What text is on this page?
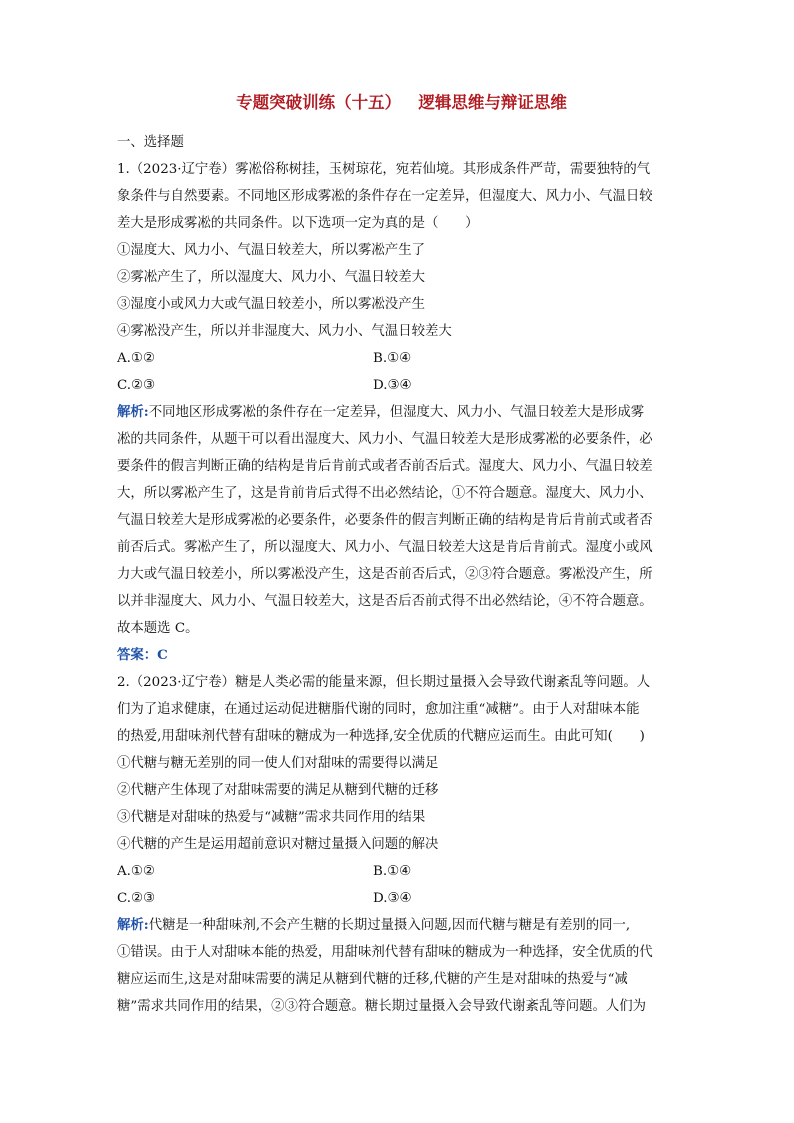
专题突破训练（十五）   逻辑思维与辩证思维
一、选择题
1.（2023·辽宁卷）雾凇俗称树挂，玉树琼花，宛若仙境。其形成条件严苛，需要独特的气
象条件与自然要素。不同地区形成雾凇的条件存在一定差异，但湿度大、风力小、气温日较
差大是形成雾凇的共同条件。以下选项一定为真的是（　　）
①湿度大、风力小、气温日较差大，所以雾凇产生了
②雾凇产生了，所以湿度大、风力小、气温日较差大
③湿度小或风力大或气温日较差小，所以雾凇没产生
④雾凇没产生，所以并非湿度大、风力小、气温日较差大
A.①②	B.①④
C.②③	D.③④
解析:不同地区形成雾凇的条件存在一定差异，但湿度大、风力小、气温日较差大是形成雾
凇的共同条件，从题干可以看出湿度大、风力小、气温日较差大是形成雾凇的必要条件，必
要条件的假言判断正确的结构是肯后肯前式或者否前否后式。湿度大、风力小、气温日较差
大，所以雾凇产生了，这是肯前肯后式得不出必然结论，①不符合题意。湿度大、风力小、
气温日较差大是形成雾凇的必要条件，必要条件的假言判断正确的结构是肯后肯前式或者否
前否后式。雾凇产生了，所以湿度大、风力小、气温日较差大这是肯后肯前式。湿度小或风
力大或气温日较差小，所以雾凇没产生，这是否前否后式，②③符合题意。雾凇没产生，所
以并非湿度大、风力小、气温日较差大，这是否后否前式得不出必然结论，④不符合题意。
故本题选 C。
答案：C
2.（2023·辽宁卷）糖是人类必需的能量来源，但长期过量摄入会导致代谢紊乱等问题。人
们为了追求健康，在通过运动促进糖脂代谢的同时，愈加注重“减糖”。由于人对甜味本能
的热爱,用甜味剂代替有甜味的糖成为一种选择,安全优质的代糖应运而生。由此可知(　　)
①代糖与糖无差别的同一使人们对甜味的需要得以满足
②代糖产生体现了对甜味需要的满足从糖到代糖的迁移
③代糖是对甜味的热爱与“减糖”需求共同作用的结果
④代糖的产生是运用超前意识对糖过量摄入问题的解决
A.①②	B.①④
C.②③	D.③④
解析:代糖是一种甜味剂,不会产生糖的长期过量摄入问题,因而代糖与糖是有差别的同一,
①错误。由于人对甜味本能的热爱，用甜味剂代替有甜味的糖成为一种选择，安全优质的代
糖应运而生,这是对甜味需要的满足从糖到代糖的迁移,代糖的产生是对甜味的热爱与“减
糖”需求共同作用的结果，②③符合题意。糖长期过量摄入会导致代谢紊乱等问题。人们为
